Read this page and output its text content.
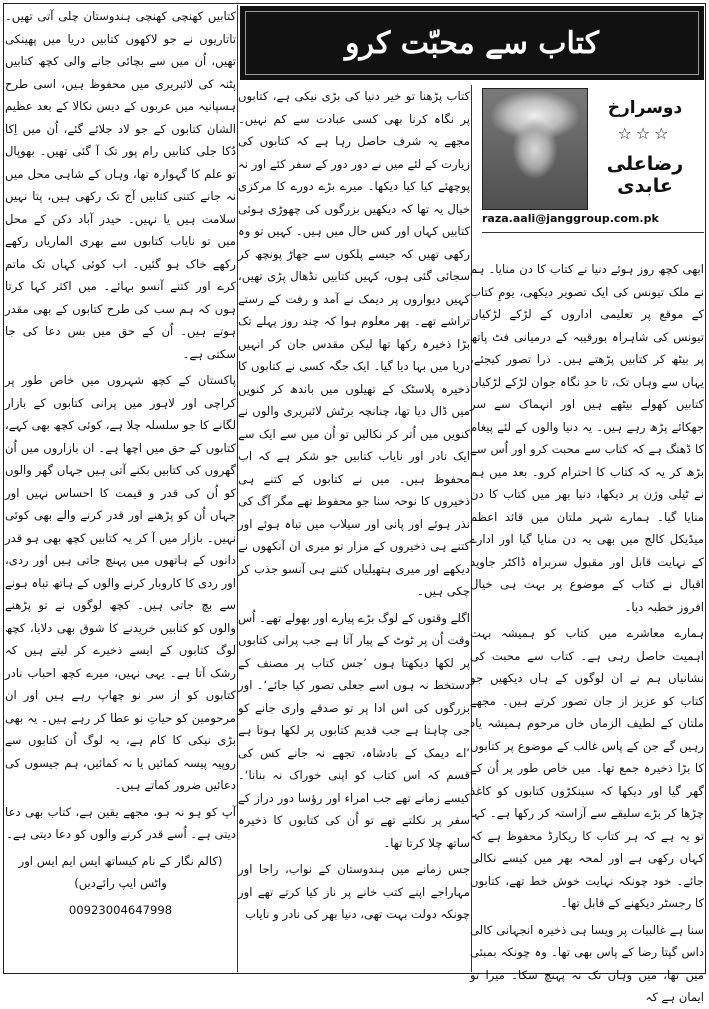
کتاب سے محبّت کرو
دوسرارخ
☆☆☆
رضاعلی عابدی
raza.aali@janggroup.com.pk

ابھی کچھ روز ہوئے دنیا نے کتاب کا دن منایا۔ ہم نے ملک تیونس کی ایک تصویر دیکھی، یومِ کتاب کے موقع پر تعلیمی اداروں کے لڑکے لڑکیاں تیونس کی شاہراہ بورقیبہ کے درمیانی فٹ پاتھ پر بیٹھ کر کتابیں پڑھتے ہیں۔ ذرا تصور کیجئے، یہاں سے وہاں تک، تا حدِ نگاہ جوان لڑکے لڑکیاں کتابیں کھولے بیٹھے ہیں اور انہماک سے سر جھکائے پڑھ رہے ہیں۔ یہ دنیا والوں کے لئے پیغام کا ڈھنگ ہے کہ کتاب سے محبت کرو اور اُس سے بڑھ کر یہ کہ کتاب کا احترام کرو۔ بعد میں ہم نے ٹیلی وژن پر دیکھا، دنیا بھر میں کتاب کا دن منایا گیا۔ ہمارے شہر ملتان میں قائد اعظم میڈیکل کالج میں بھی یہ دن منایا گیا اور ادارے کے نہایت قابل اور مقبول سربراہ ڈاکٹر جاوید اقبال نے کتاب کے موضوع پر بہت ہی خیال افروز خطبہ دیا۔

ہمارے معاشرے میں کتاب کو ہمیشہ بہت اہمیت حاصل رہی ہے۔ کتاب سے محبت کی نشانیاں ہم نے ان لوگوں کے ہاں دیکھیں جو کتاب کو عزیز از جان تصور کرتے ہیں۔ مجھے ملتان کے لطیف الزماں خاں مرحوم ہمیشہ یاد رہیں گے جن کے پاس غالب کے موضوع پر کتابوں کا بڑا ذخیرہ جمع تھا۔ میں خاص طور پر اُن کے گھر گیا اور دیکھا کہ سینکڑوں کتابوں کو کاغذ چڑھا کر بڑے سلیقے سے آراستہ کر رکھا ہے۔ کہا تو یہ ہے کہ ہر کتاب کا ریکارڈ محفوظ ہے کہ کہاں رکھی ہے اور لمحہ بھر میں کیسے نکالی جائے۔ خود چونکہ نہایت خوش خط تھے، کتابوں کا رجسٹر دیکھنے کے قابل تھا۔

سنا ہے غالبیات پر ویسا ہی ذخیرہ انجہانی کالی داس گپتا رضا کے پاس بھی تھا۔ وہ چونکہ بمبئی میں تھا، میں وہاں تک نہ پہنچ سکا۔ میرا تو ایمان ہے کہ

کتاب پڑھنا تو خیر دنیا کی بڑی نیکی ہے، کتابوں پر نگاہ کرنا بھی کسی عبادت سے کم نہیں۔ مجھے یہ شرف حاصل رہا ہے کہ کتابوں کی زیارت کے لئے میں نے دور دور کے سفر کئے اور نہ پوچھئے کیا کیا دیکھا۔ میرے بڑے دورے کا مرکزی خیال یہ تھا کہ دیکھیں بزرگوں کی چھوڑی ہوئی کتابیں کہاں اور کس حال میں ہیں۔ کہیں تو وہ رکھی تھیں کہ جیسے پلکوں سے جھاڑ پونچھ کر سجائی گئی ہوں، کہیں کتابیں نڈھال پڑی تھیں، کہیں دیواروں پر دیمک نے آمد و رفت کے رستے تراشے تھے۔ پھر معلوم ہوا کہ چند روز پہلے تک بڑا ذخیرہ رکھا تھا لیکن مقدس جان کر انہیں دریا میں بہا دیا گیا۔ ایک جگہ کسی نے کتابوں کا ذخیرہ پلاسٹک کے تھیلوں میں باندھ کر کنویں میں ڈال دیا تھا، چنانچہ برٹش لائبریری والوں نے کنویں میں اُتر کر نکالیں تو اُن میں سے ایک سے ایک نادر اور نایاب کتابیں جو شکر ہے کہ اب محفوظ ہیں۔ میں نے کتابوں کے کتنے ہی ذخیروں کا نوحہ سنا جو محفوظ تھے مگر آگ کی نذر ہوئے اور پانی اور سیلاب میں تباہ ہوئے اور کتنے ہی ذخیروں کے مزار تو میری ان آنکھوں نے دیکھے اور میری ہتھیلیاں کتنے ہی آنسو جذب کر چکی ہیں۔

اگلے وقتوں کے لوگ بڑے پیارے اور بھولے تھے۔ اُس وقت اُن پر ٹوٹ کے پیار آتا ہے جب پرانی کتابوں پر لکھا دیکھتا ہوں ’جس کتاب پر مصنف کے دستخط نہ ہوں اسے جعلی تصور کیا جائے‘۔ اور بزرگوں کی اس ادا پر تو صدقے واری جانے کو جی چاہتا ہے جب قدیم کتابوں پر لکھا ہوتا ہے ’اے دیمک کے بادشاہ، تجھے نہ جانے کس کی قسم کہ اس کتاب کو اپنی خوراک نہ بنانا‘۔ کیسے زمانے تھے جب امراء اور رؤسا دور دراز کے سفر پر نکلتے تھے تو اُن کی کتابوں کا ذخیرہ ساتھ چلا کرتا تھا۔

جس زمانے میں ہندوستان کے نواب، راجا اور مہاراجے اپنے کتب خانے پر ناز کیا کرتے تھے اور چونکہ دولت بہت تھی، دنیا بھر کی نادر و نایاب

کتابیں کھنچی کھنچی ہندوستان چلی آتی تھیں۔ تاتاریوں نے جو لاکھوں کتابیں دریا میں پھینکی تھیں، اُن میں سے بچائی جانے والی کچھ کتابیں پٹنہ کی لائبریری میں محفوظ ہیں، اسی طرح ہسپانیہ میں عربوں کے دیس نکالا کے بعد عظیم الشان کتابوں کے جو لاد جلائے گئے، اُن میں اِکا دُکا جلی کتابیں رام پور تک آ گئی تھیں۔ بھوپال تو علم کا گہوارہ تھا، وہاں کے شاہی محل میں نہ جانے کتنی کتابیں آج تک رکھی ہیں، پتا نہیں سلامت ہیں یا نہیں۔ حیدر آباد دکن کے محل میں تو نایاب کتابوں سے بھری الماریاں رکھے رکھے خاک ہو گئیں۔ اب کوئی کہاں تک ماتم کرے اور کتنے آنسو بہائے۔ میں اکثر کہا کرتا ہوں کہ ہم سب کی طرح کتابوں کے بھی مقدر ہوتے ہیں۔ اُن کے حق میں بس دعا کی جا سکتی ہے۔

پاکستان کے کچھ شہروں میں خاص طور پر کراچی اور لاہور میں پرانی کتابوں کے بازار لگانے کا جو سلسلہ چلا ہے، کوئی کچھ بھی کہے، کتابوں کے حق میں اچھا ہے۔ ان بازاروں میں اُن گھروں کی کتابیں بکنے آتی ہیں جہاں گھر والوں کو اُن کی قدر و قیمت کا احساس نہیں اور جہاں اُن کو پڑھنے اور قدر کرنے والے بھی کوئی نہیں۔ بازار میں آ کر یہ کتابیں کچھ بھی ہو قدر دانوں کے ہاتھوں میں پہنچ جاتی ہیں اور ردی، اور ردی کا کاروبار کرنے والوں کے ہاتھ تباہ ہونے سے بچ جاتی ہیں۔ کچھ لوگوں نے تو پڑھنے والوں کو کتابیں خریدنے کا شوق بھی دلایا، کچھ لوگ کتابوں کے ایسے ذخیرے کر لیتے ہیں کہ رشک آتا ہے۔ یہی نہیں، میرے کچھ احباب نادر کتابوں کو از سر نو چھاپ رہے ہیں اور ان مرحومین کو حیاتِ نو عطا کر رہے ہیں۔ یہ بھی بڑی نیکی کا کام ہے، یہ لوگ اُن کتابوں سے روپیہ پیسہ کمائیں یا نہ کمائیں، ہم جیسوں کی دعائیں ضرور کماتے ہیں۔

آپ کو ہو نہ ہو، مجھے یقین ہے، کتاب بھی دعا دیتی ہے۔ اُسے قدر کرنے والوں کو دعا دیتی ہے۔

(کالم نگار کے نام کیساتھ ایس ایم ایس اور واٹس ایپ رائےدیں)

00923004647998
